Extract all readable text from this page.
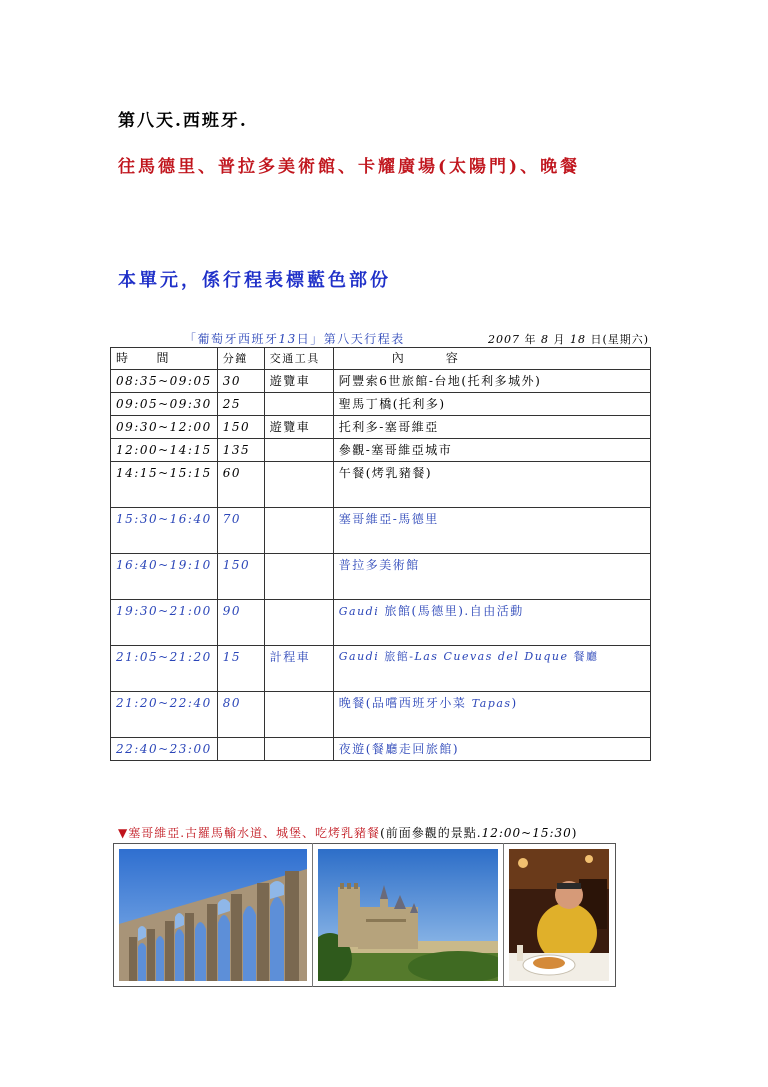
第八天.西班牙.
往馬德里、普拉多美術館、卡耀廣場(太陽門)、晚餐
本單元，係行程表標藍色部份
「葡萄牙西班牙13日」第八天行程表	2007 年 8 月 18 日(星期六)
時　　間	分鐘	交通工具	內　　　容
08:35~09:05	30	遊覽車	阿豐索6世旅館-台地(托利多城外)
09:05~09:30	25		聖馬丁橋(托利多)
09:30~12:00	150	遊覽車	托利多-塞哥維亞
12:00~14:15	135		參觀-塞哥維亞城市
14:15~15:15	60		午餐(烤乳豬餐)
15:30~16:40	70		塞哥維亞-馬德里
16:40~19:10	150		普拉多美術館
19:30~21:00	90		Gaudi 旅館(馬德里).自由活動
21:05~21:20	15	計程車	Gaudi 旅館-Las Cuevas del Duque 餐廳
21:20~22:40	80		晚餐(品嚐西班牙小菜 Tapas)
22:40~23:00			夜遊(餐廳走回旅館)
▼塞哥維亞.古羅馬輸水道、城堡、吃烤乳豬餐(前面參觀的景點.12:00~15:30)
